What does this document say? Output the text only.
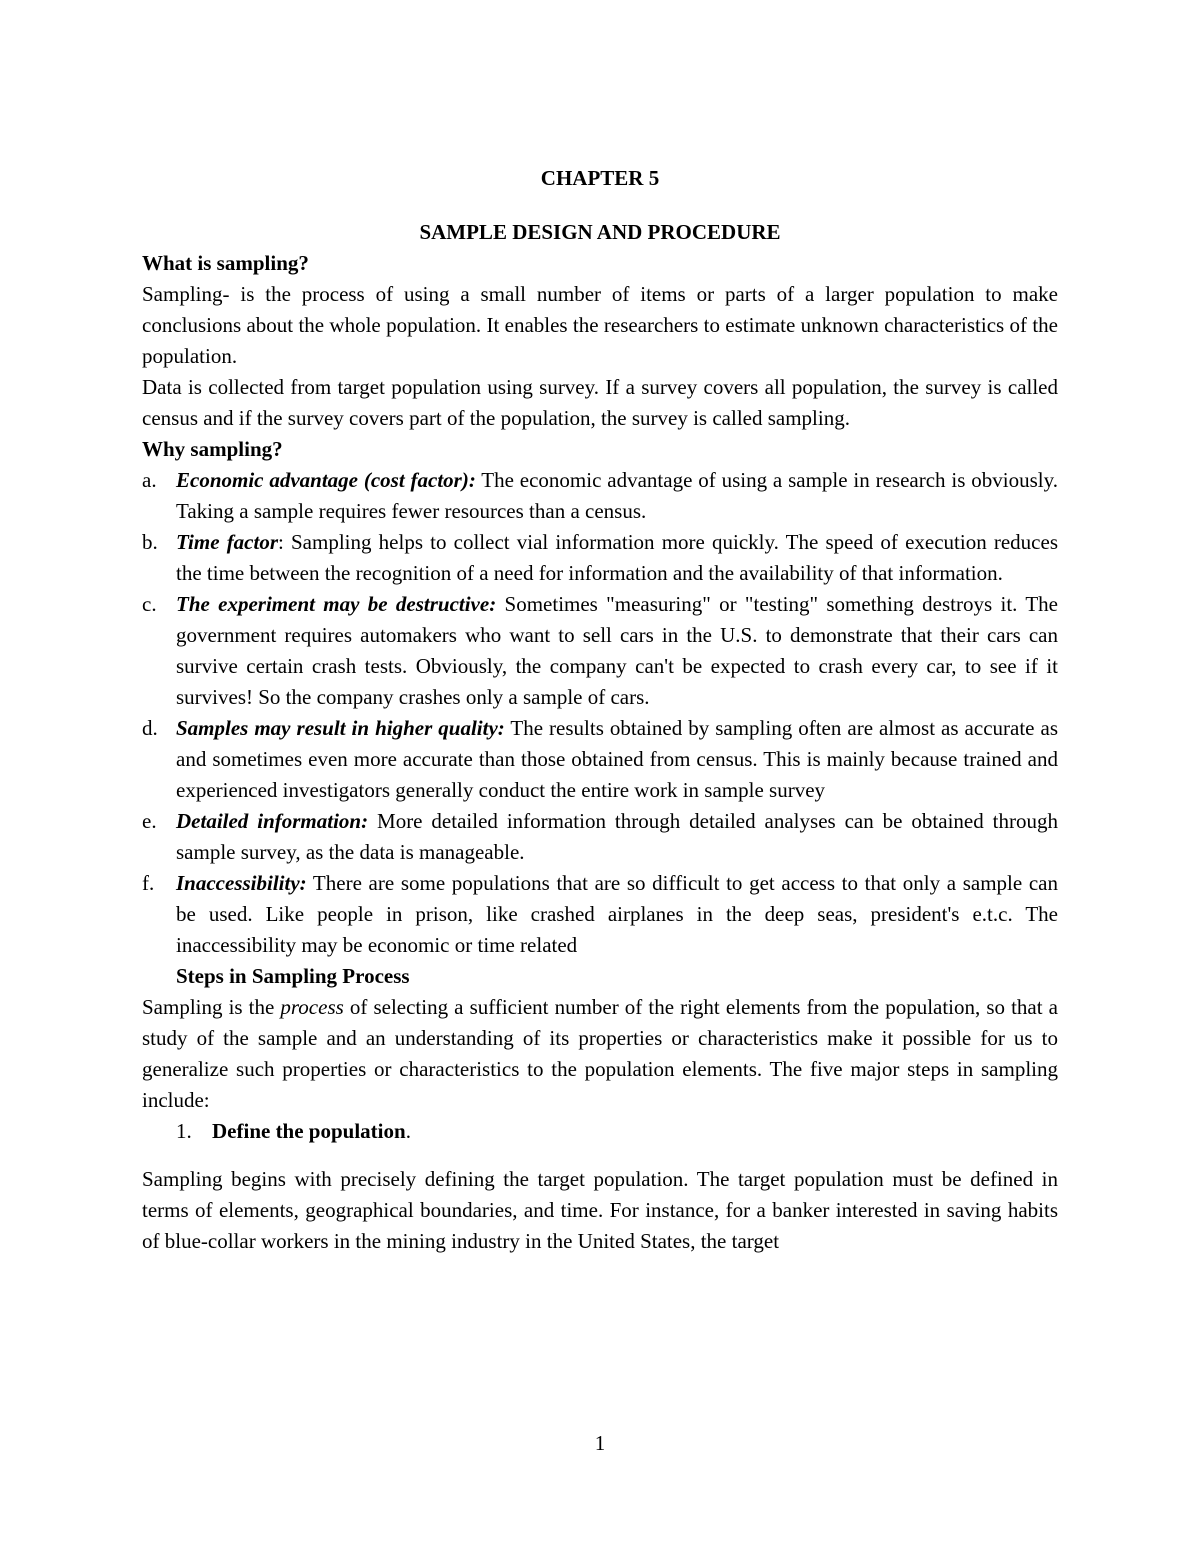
CHAPTER 5
SAMPLE DESIGN AND PROCEDURE
What is sampling?

Sampling- is the process of using a small number of items or parts of a larger population to make conclusions about the whole population. It enables the researchers to estimate unknown characteristics of the population.

Data is collected from target population using survey. If a survey covers all population, the survey is called census and if the survey covers part of the population, the survey is called sampling.

Why sampling?
a. Economic advantage (cost factor): The economic advantage of using a sample in research is obviously. Taking a sample requires fewer resources than a census.
b. Time factor: Sampling helps to collect vial information more quickly. The speed of execution reduces the time between the recognition of a need for information and the availability of that information.
c. The experiment may be destructive: Sometimes "measuring" or "testing" something destroys it. The government requires automakers who want to sell cars in the U.S. to demonstrate that their cars can survive certain crash tests. Obviously, the company can't be expected to crash every car, to see if it survives! So the company crashes only a sample of cars.
d. Samples may result in higher quality: The results obtained by sampling often are almost as accurate as and sometimes even more accurate than those obtained from census. This is mainly because trained and experienced investigators generally conduct the entire work in sample survey
e. Detailed information: More detailed information through detailed analyses can be obtained through sample survey, as the data is manageable.
f. Inaccessibility: There are some populations that are so difficult to get access to that only a sample can be used. Like people in prison, like crashed airplanes in the deep seas, president's e.t.c. The inaccessibility may be economic or time related
Steps in Sampling Process

Sampling is the process of selecting a sufficient number of the right elements from the population, so that a study of the sample and an understanding of its properties or characteristics make it possible for us to generalize such properties or characteristics to the population elements. The five major steps in sampling include:

1. Define the population.

Sampling begins with precisely defining the target population. The target population must be defined in terms of elements, geographical boundaries, and time. For instance, for a banker interested in saving habits of blue-collar workers in the mining industry in the United States, the target

1
